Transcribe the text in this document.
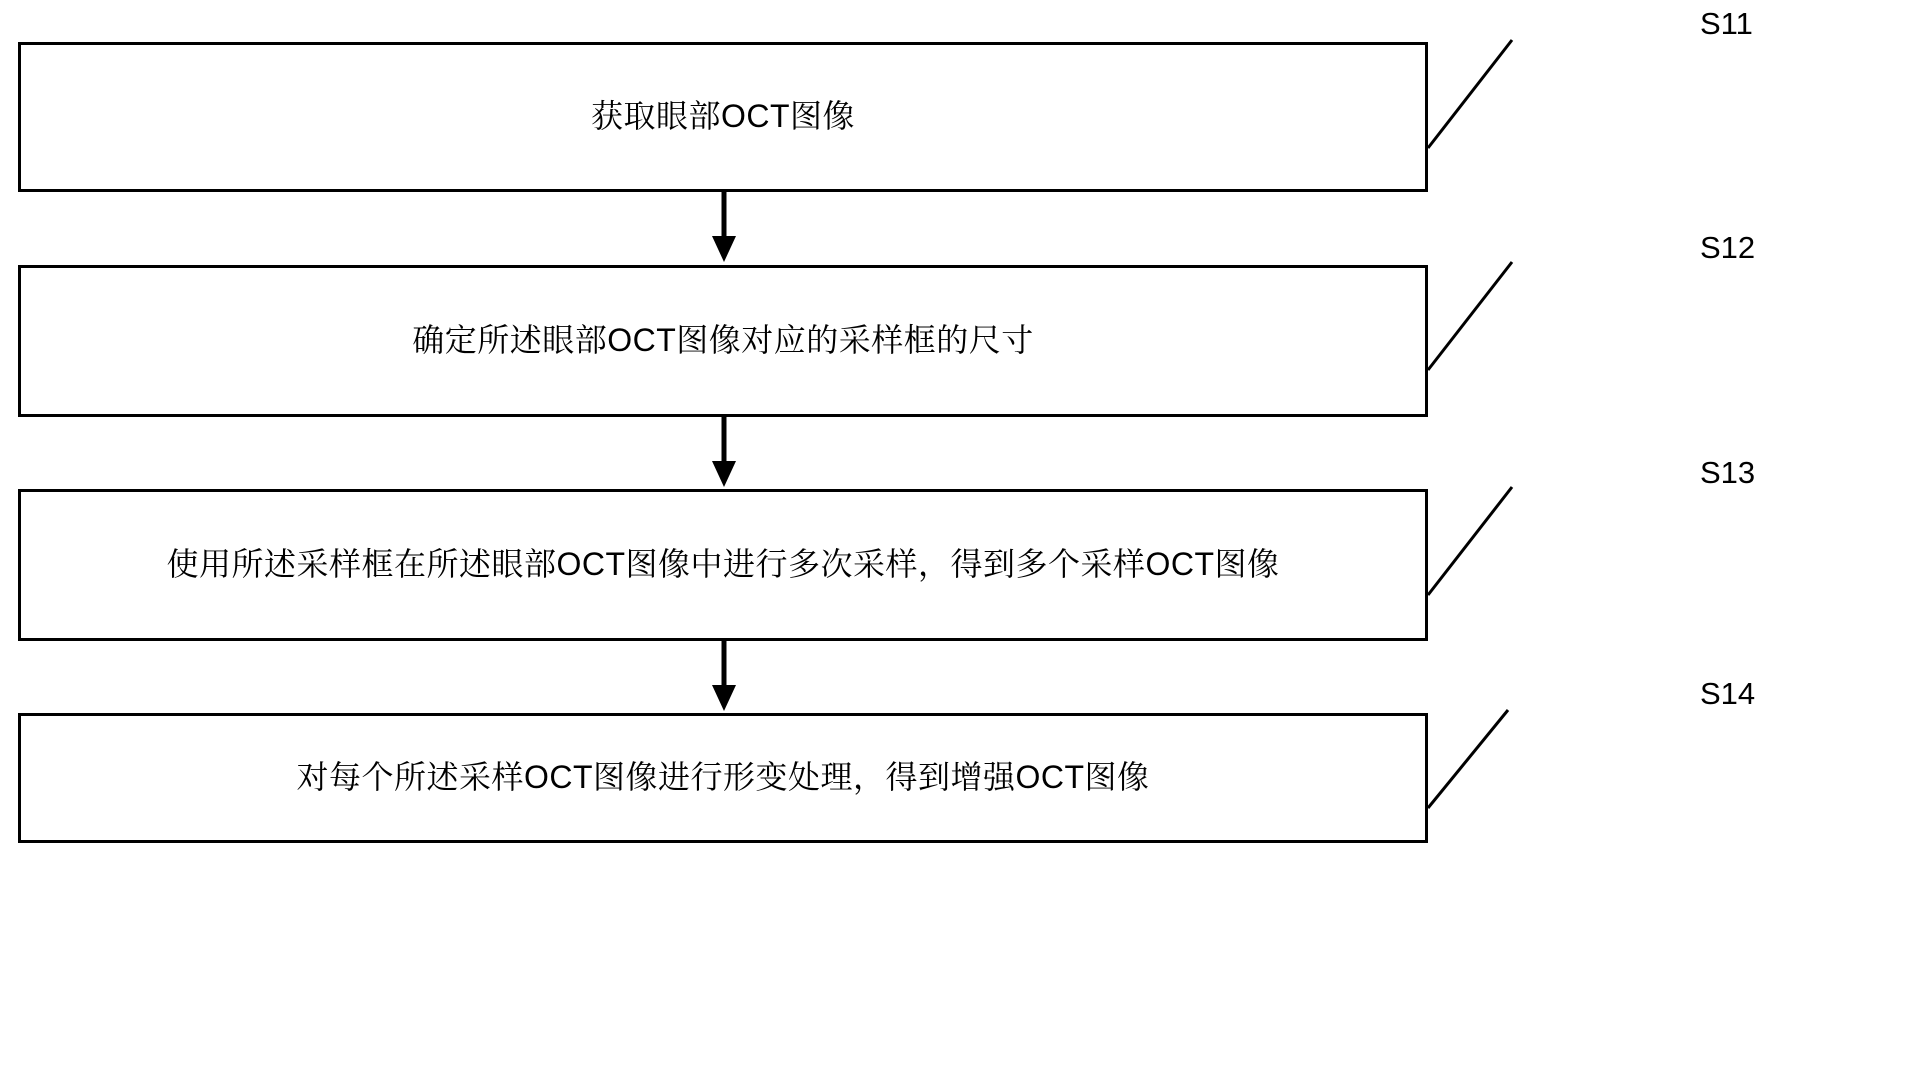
获取眼部OCT图像
S11
确定所述眼部OCT图像对应的采样框的尺寸
S12
使用所述采样框在所述眼部OCT图像中进行多次采样，得到多个采样OCT图像
S13
对每个所述采样OCT图像进行形变处理，得到增强OCT图像
S14
